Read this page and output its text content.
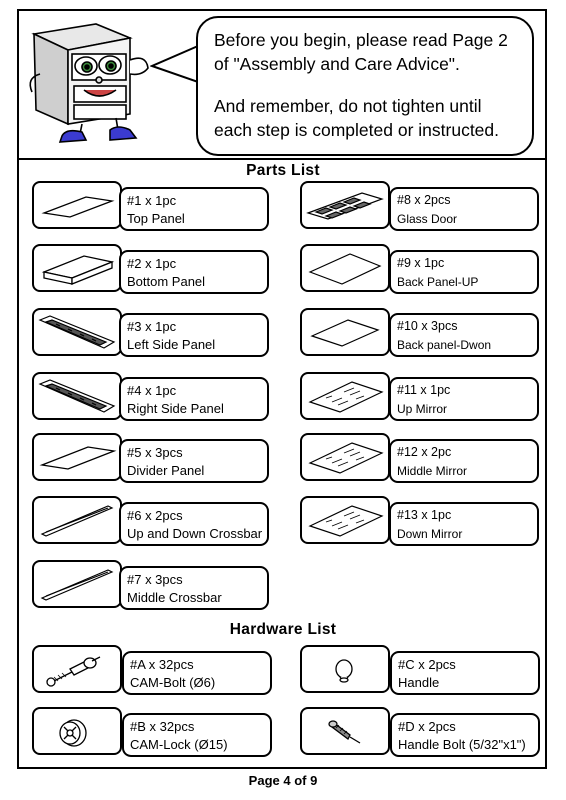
Before you begin, please read Page 2
of "Assembly and Care Advice".

And remember, do not tighten until
each step is completed or instructed.

Parts List

#1 x 1pc

Top Panel

#2 x 1pc

Bottom Panel

#3 x 1pc

Left Side Panel

#4 x 1pc

Right Side Panel

#5 x 3pcs

Divider Panel

#6 x 2pcs

Up and Down Crossbar

#7 x 3pcs

Middle Crossbar

#8 x 2pcs

Glass Door

#9 x 1pc

Back Panel-UP

#10 x 3pcs

Back panel-Dwon

#11 x 1pc

Up Mirror

#12 x 2pc

Middle Mirror

#13 x 1pc

Down Mirror

Hardware List

#A x 32pcs

CAM-Bolt (Ø6)

#B x 32pcs

CAM-Lock (Ø15)

#C x 2pcs

Handle

#D x 2pcs

Handle Bolt (5/32"x1")

Page 4 of 9
